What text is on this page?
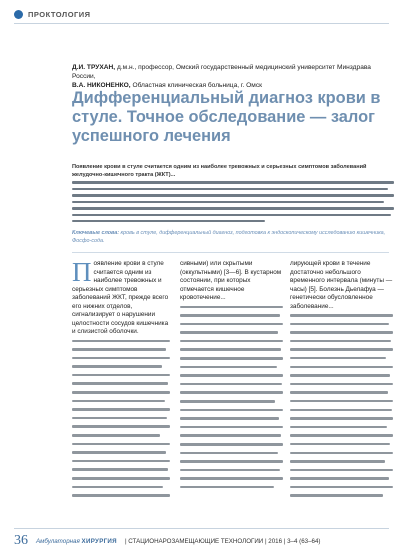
ПРОКТОЛОГИЯ
Д.И. ТРУХАН, д.м.н., профессор, Омский государственный медицинский университет Минздрава России,
В.А. НИКОНЕНКО, Областная клиническая больница, г. Омск
Дифференциальный диагноз крови в стуле. Точное обследование — залог успешного лечения
Появление крови в стуле считается одним из наиболее тревожных и серьезных симптомов заболеваний желудочно-кишечного тракта (ЖКТ)...
Ключевые слова: кровь в стуле, дифференциальный диагноз, подготовка к эндоскопическому исследованию кишечника, Фосфо-сода.
П оявление крови в стуле считается одним из наиболее тревожных и серьезных симптомов заболеваний ЖКТ, прежде всего его нижних отделов, сигнализирует о нарушении целостности сосудов кишечника и слизистой оболочки.

сивными) или скрытыми (оккультными) [3—6]. В кустарном состоянии, при которых отмечается кишечное кровотечение...

лирующей крови в течение достаточно небольшого временного интервала (минуты — часы) [5]. Болезнь Дьелафуа — генетически обусловленное заболевание...

36 Амбулаторная ХИРУРГИЯ | СТАЦИОНАРОЗАМЕЩАЮЩИЕ ТЕХНОЛОГИИ | 2016 | 3–4 (63–64)
